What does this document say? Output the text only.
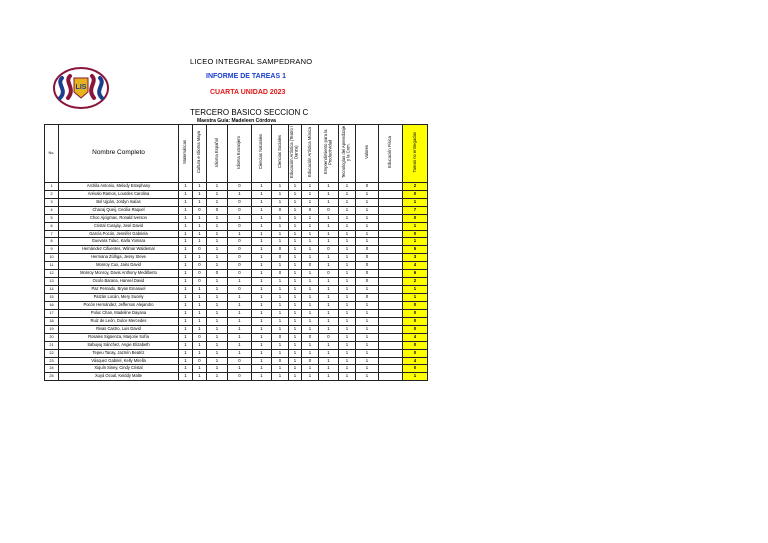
LIS
LICEO INTEGRAL SAMPEDRANO
INFORME DE TAREAS 1
CUARTA UNIDAD 2023
TERCERO BASICO SECCION C
Maestra Guía: Madeleen Córdova
No.	Nombre Completo	Matemáticas	Cultura e Idioma Maya	Idioma Español	Idioma Extranjero	Ciencias Naturales	Ciencias Sociales	Educación Artística (Teatro / Danza)	Educación Artística Música	Emprendimiento para la Productividad	Tecnologías del Aprendizaje y la Com.	Valores	Educación Física	Tareas no entregadas
1	Archila Antonio, Melody Estephany	1	1	1	0	1	1	1	1	1	1	0		2
2	Arévalo Ramos, Lourdes Carolina	1	1	1	1	1	1	1	1	1	1	1		0
3	Bol Ujpán, Jordyn Isaías	1	1	1	0	1	1	1	1	1	1	1		1
4	Chacaj Queij, Cecilia Raquel	1	0	0	0	1	0	1	0	0	1	1		7
5	Choc Ajcigmac, Ronald Iverson	1	1	1	1	1	1	1	1	1	1	1		0
6	Cristal Curajay, José David	1	1	1	0	1	1	1	1	1	1	1		1
7	García Pocón, Jennifer Gabriela	1	1	1	1	1	1	1	1	1	1	1		0
8	Guevara Tuluc, Karla Yomara	1	1	1	0	1	1	1	1	1	1	1		1
9	Hernández Cifuentes, Wilmar Waldemar	1	0	1	0	1	0	1	1	0	1	0		5
10	Hermana Zúñiga, Jessy Steve	1	1	1	0	1	0	1	1	1	1	0		3
11	Monroy Cux, Jairo David	1	0	1	0	1	1	1	0	1	1	0		4
12	Monroy Monroy, Davis Anthony Medilberto	1	0	0	0	1	0	1	1	0	1	0		6
13	Ocolo Barana, Hansel David	1	0	1	1	1	1	1	1	1	1	0		2
14	Paz Pernado, Bryan Emanuel	1	1	1	0	1	1	1	1	1	1	1		1
15	Patzán Locán, Mery Sucely	1	1	1	1	1	1	1	1	1	1	0		1
16	Pocón Hernández, Jefferson Alejandro	1	1	1	1	1	1	1	1	1	1	1		0
17	Puluc Chan, Madeline Dayana	1	1	1	1	1	1	1	1	1	1	1		0
18	Ruiz de León, Dulce Mercedes	1	1	1	1	1	1	1	1	1	1	1		0
19	Rivas Castro, Luis David	1	1	1	1	1	1	1	1	1	1	1		0
20	Rosales Sigüenza, Marjorie Sofía	1	0	1	1	1	0	1	0	0	1	1		4
21	Sabuyuj Sánchez, Angie Elizabeth	1	1	1	1	1	1	1	1	1	1	1		0
22	Tepeu Tacay, Jazmín Beatriz	1	1	1	1	1	1	1	1	1	1	1		0
23	Vásquez Gabriel, Kelly Mirella	1	0	1	0	1	0	1	0	1	1	1		4
24	Xiquín Siney, Cindy Cristal	1	1	1	1	1	1	1	1	1	1	1		0
25	Xuyá Ocoal, Keiddy Malte	1	1	1	0	1	1	1	1	1	1	1		1
